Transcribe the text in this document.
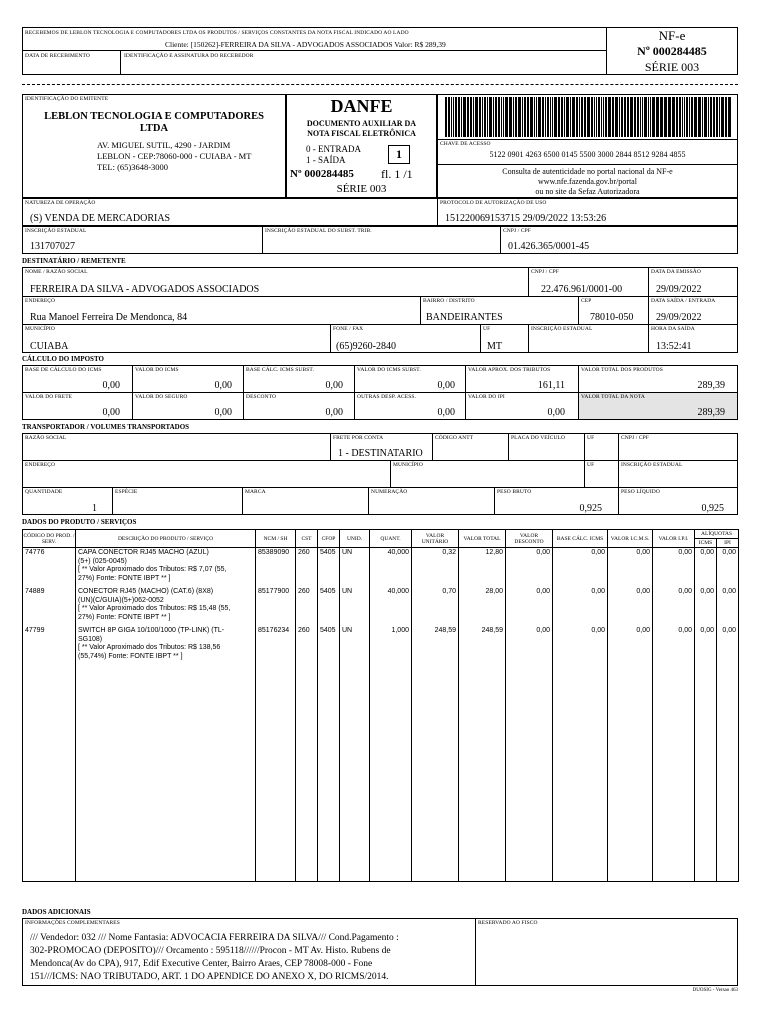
RECEBEMOS DE LEBLON TECNOLOGIA E COMPUTADORES LTDA OS PRODUTOS / SERVIÇOS CONSTANTES DA NOTA FISCAL INDICADO AO LADO
Cliente: [150262]-FERREIRA DA SILVA - ADVOGADOS ASSOCIADOS Valor: R$ 289,39
DATA DE RECEBIMENTO	IDENTIFICAÇÃO E ASSINATURA DO RECEBEDOR
NF-e
Nº 000284485
SÉRIE 003
IDENTIFICAÇÃO DO EMITENTE
LEBLON TECNOLOGIA E COMPUTADORES
LTDA
AV. MIGUEL SUTIL, 4290 - JARDIM
LEBLON - CEP:78060-000 - CUIABA - MT
TEL: (65)3648-3000
DANFE
DOCUMENTO AUXILIAR DA
NOTA FISCAL ELETRÔNICA
0 - ENTRADA
1 - SAÍDA	1
Nº 000284485 fl. 1 /1
SÉRIE 003
CHAVE DE ACESSO
5122 0901 4263 6500 0145 5500 3000 2844 8512 9284 4855
Consulta de autenticidade no portal nacional da NF-e
www.nfe.fazenda.gov.br/portal
ou no site da Sefaz Autorizadora
NATUREZA DE OPERAÇÃO
(S) VENDA DE MERCADORIAS
PROTOCOLO DE AUTORIZAÇÃO DE USO
151220069153715 29/09/2022 13:53:26
INSCRIÇÃO ESTADUAL
131707027
INSCRIÇÃO ESTADUAL DO SUBST. TRIB.	CNPJ / CPF
01.426.365/0001-45
DESTINATÁRIO / REMETENTE
NOME / RAZÃO SOCIAL
FERREIRA DA SILVA - ADVOGADOS ASSOCIADOS
CNPJ / CPF
22.476.961/0001-00
DATA DA EMISSÃO
29/09/2022
ENDEREÇO
Rua Manoel Ferreira De Mendonca, 84
BAIRRO / DISTRITO
BANDEIRANTES
CEP
78010-050
DATA SAÍDA / ENTRADA
29/09/2022
MUNICÍPIO
CUIABA
FONE / FAX
(65)9260-2840
UF
MT
INSCRIÇÃO ESTADUAL	HORA DA SAÍDA
13:52:41
CÁLCULO DO IMPOSTO
BASE DE CÁLCULO DO ICMS
0,00
VALOR DO ICMS
0,00
BASE CÁLC. ICMS SUBST.
0,00
VALOR DO ICMS SUBST.
0,00
VALOR APROX. DOS TRIBUTOS
161,11
VALOR TOTAL DOS PRODUTOS
289,39
VALOR DO FRETE
0,00
VALOR DO SEGURO
0,00
DESCONTO
0,00
OUTRAS DESP. ACESS.
0,00
VALOR DO IPI
0,00
VALOR TOTAL DA NOTA
289,39
TRANSPORTADOR / VOLUMES TRANSPORTADOS
RAZÃO SOCIAL	FRETE POR CONTA
1 - DESTINATARIO
CÓDIGO ANTT	PLACA DO VEÍCULO	UF	CNPJ / CPF
ENDEREÇO	MUNICÍPIO	UF	INSCRIÇÃO ESTADUAL
QUANTIDADE
1
ESPÉCIE	MARCA	NUMERAÇÃO	PESO BRUTO
0,925
PESO LÍQUIDO
0,925
DADOS DO PRODUTO / SERVIÇOS
CÓDIGO DO PROD. / SERV.	DESCRIÇÃO DO PRODUTO / SERVIÇO	NCM / SH	CST	CFOP	UNID.	QUANT.	VALOR UNITÁRIO	VALOR TOTAL	VALOR DESCONTO	BASE CÁLC. ICMS	VALOR I.C.M.S.	VALOR I.P.I.	ALÍQUOTAS	
													ICMS	IPI
74776	CAPA CONECTOR RJ45 MACHO (AZUL)
(5+) (025-0045)
[ ** Valor Aproximado dos Tributos: R$ 7,07 (55,
27%) Fonte: FONTE IBPT ** ]	85389090	260	5405	UN	40,000	0,32	12,80	0,00	0,00	0,00	0,00	0,00	0,00
74889	CONECTOR RJ45 (MACHO) (CAT.6) (8X8)
(UN)(C/GUIA)(5+)062-0052
[ ** Valor Aproximado dos Tributos: R$ 15,48 (55,
27%) Fonte: FONTE IBPT ** ]	85177900	260	5405	UN	40,000	0,70	28,00	0,00	0,00	0,00	0,00	0,00	0,00
47799	SWITCH 8P GIGA 10/100/1000 (TP-LINK) (TL-
SG108)
[ ** Valor Aproximado dos Tributos: R$ 138,56
(55,74%) Fonte: FONTE IBPT ** ]	85176234	260	5405	UN	1,000	248,59	248,59	0,00	0,00	0,00	0,00	0,00	0,00
DADOS ADICIONAIS
INFORMAÇÕES COMPLEMENTARES
/// Vendedor: 032 /// Nome Fantasia: ADVOCACIA FERREIRA DA SILVA/// Cond.Pagamento :
302-PROMOCAO (DEPOSITO)/// Orcamento : 595118//////Procon - MT Av. Histo. Rubens de
Mendonca(Av do CPA), 917, Edif Executive Center, Bairro Araes, CEP 78008-000 - Fone
151///ICMS: NAO TRIBUTADO, ART. 1 DO APENDICE DO ANEXO X, DO RICMS/2014.
RESERVADO AO FISCO
DUOSIG - Versao 463
